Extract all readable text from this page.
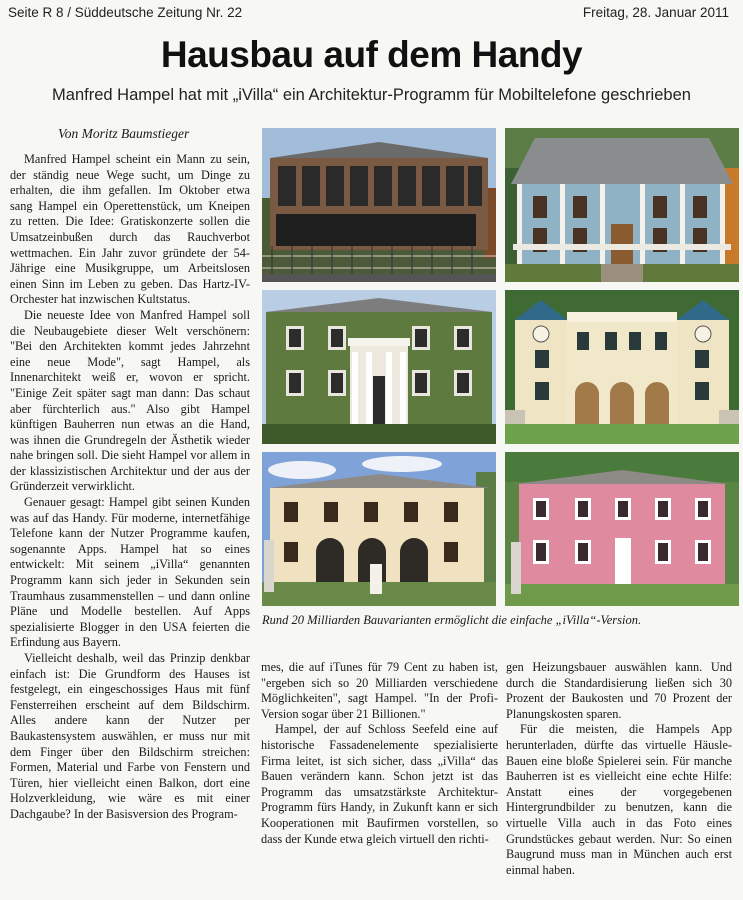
Seite R 8 / Süddeutsche Zeitung Nr. 22	Freitag, 28. Januar 2011
Hausbau auf dem Handy
Manfred Hampel hat mit „iVilla“ ein Architektur-Programm für Mobiltelefone geschrieben
Von Moritz Baumstieger

Manfred Hampel scheint ein Mann zu sein, der ständig neue Wege sucht, um Dinge zu erhalten, die ihm gefallen. Im Oktober etwa sang Hampel ein Operettenstück, um Kneipen zu retten. Die Idee: Gratiskonzerte sollen die Umsatzeinbußen durch das Rauchverbot wettmachen. Ein Jahr zuvor gründete der 54-Jährige eine Musikgruppe, um Arbeitslosen einen Sinn im Leben zu geben. Das Hartz-IV-Orchester hat inzwischen Kultstatus.

Die neueste Idee von Manfred Hampel soll die Neubaugebiete dieser Welt verschönern: "Bei den Architekten kommt jedes Jahrzehnt eine neue Mode", sagt Hampel, als Innenarchitekt weiß er, wovon er spricht. "Einige Zeit später sagt man dann: Das schaut aber fürchterlich aus." Also gibt Hampel künftigen Bauherren nun etwas an die Hand, was ihnen die Grundregeln der Ästhetik wieder nahe bringen soll. Die sieht Hampel vor allem in der klassizistischen Architektur und der aus der Gründerzeit verwirklicht.

Genauer gesagt: Hampel gibt seinen Kunden was auf das Handy. Für moderne, internetfähige Telefone kann der Nutzer Programme kaufen, sogenannte Apps. Hampel hat so eines entwickelt: Mit seinem „iVilla“ genannten Programm kann sich jeder in Sekunden sein Traumhaus zusammenstellen – und dann online Pläne und Modelle bestellen. Auf Apps spezialisierte Blogger in den USA feierten die Erfindung aus Bayern.

Vielleicht deshalb, weil das Prinzip denkbar einfach ist: Die Grundform des Hauses ist festgelegt, ein eingeschossiges Haus mit fünf Fensterreihen erscheint auf dem Bildschirm. Alles andere kann der Nutzer per Baukastensystem auswählen, er muss nur mit dem Finger über den Bildschirm streichen: Formen, Material und Farbe von Fenstern und Türen, hier vielleicht einen Balkon, dort eine Holzverkleidung, wie wäre es mit einer Dachgaube? In der Basisversion des Program-

Rund 20 Milliarden Bauvarianten ermöglicht die einfache „iVilla“-Version.

mes, die auf iTunes für 79 Cent zu haben ist, "ergeben sich so 20 Milliarden verschiedene Möglichkeiten", sagt Hampel. "In der Profi-Version sogar über 21 Billionen."

Hampel, der auf Schloss Seefeld eine auf historische Fassadenelemente spezialisierte Firma leitet, ist sich sicher, dass „iVilla“ das Bauen verändern kann. Schon jetzt ist das Programm das umsatzstärkste Architektur-Programm fürs Handy, in Zukunft kann er sich Kooperationen mit Baufirmen vorstellen, so dass der Kunde etwa gleich virtuell den richti-

gen Heizungsbauer auswählen kann. Und durch die Standardisierung ließen sich 30 Prozent der Baukosten und 70 Prozent der Planungskosten sparen.

Für die meisten, die Hampels App herunterladen, dürfte das virtuelle Häusle-Bauen eine bloße Spielerei sein. Für manche Bauherren ist es vielleicht eine echte Hilfe: Anstatt eines der vorgegebenen Hintergrundbilder zu benutzen, kann die virtuelle Villa auch in das Foto eines Grundstückes gebaut werden. Nur: So einen Baugrund muss man in München auch erst einmal haben.
